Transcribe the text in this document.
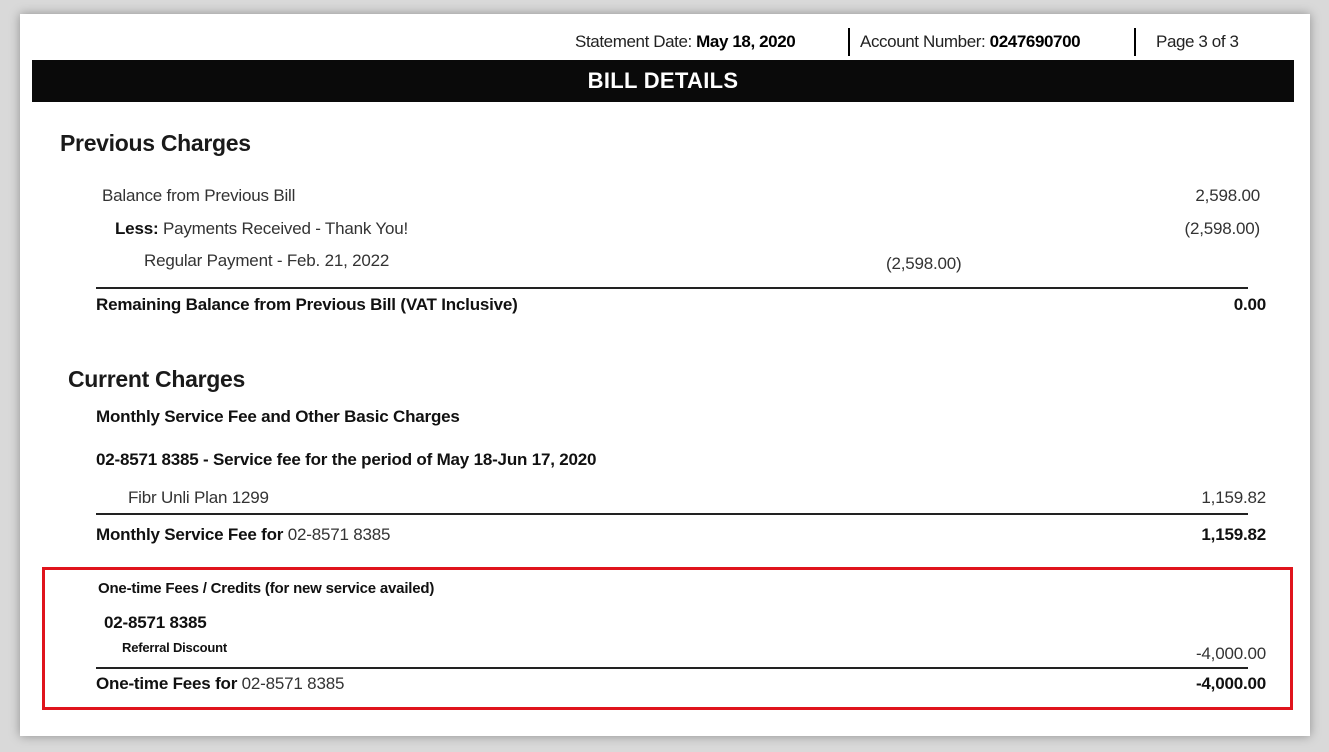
Statement Date: May 18, 2020	Account Number: 0247690700	Page 3 of 3
BILL DETAILS
Previous Charges
Balance from Previous Bill	2,598.00
Less: Payments Received - Thank You!	(2,598.00)
Regular Payment - Feb. 21, 2022	(2,598.00)
Remaining Balance from Previous Bill (VAT Inclusive)	0.00
Current Charges
Monthly Service Fee and Other Basic Charges
02-8571 8385 - Service fee for the period of May 18-Jun 17, 2020
Fibr Unli Plan 1299	1,159.82
Monthly Service Fee for 02-8571 8385	1,159.82
One-time Fees / Credits (for new service availed)
02-8571 8385
Referral Discount	-4,000.00
One-time Fees for 02-8571 8385	-4,000.00
